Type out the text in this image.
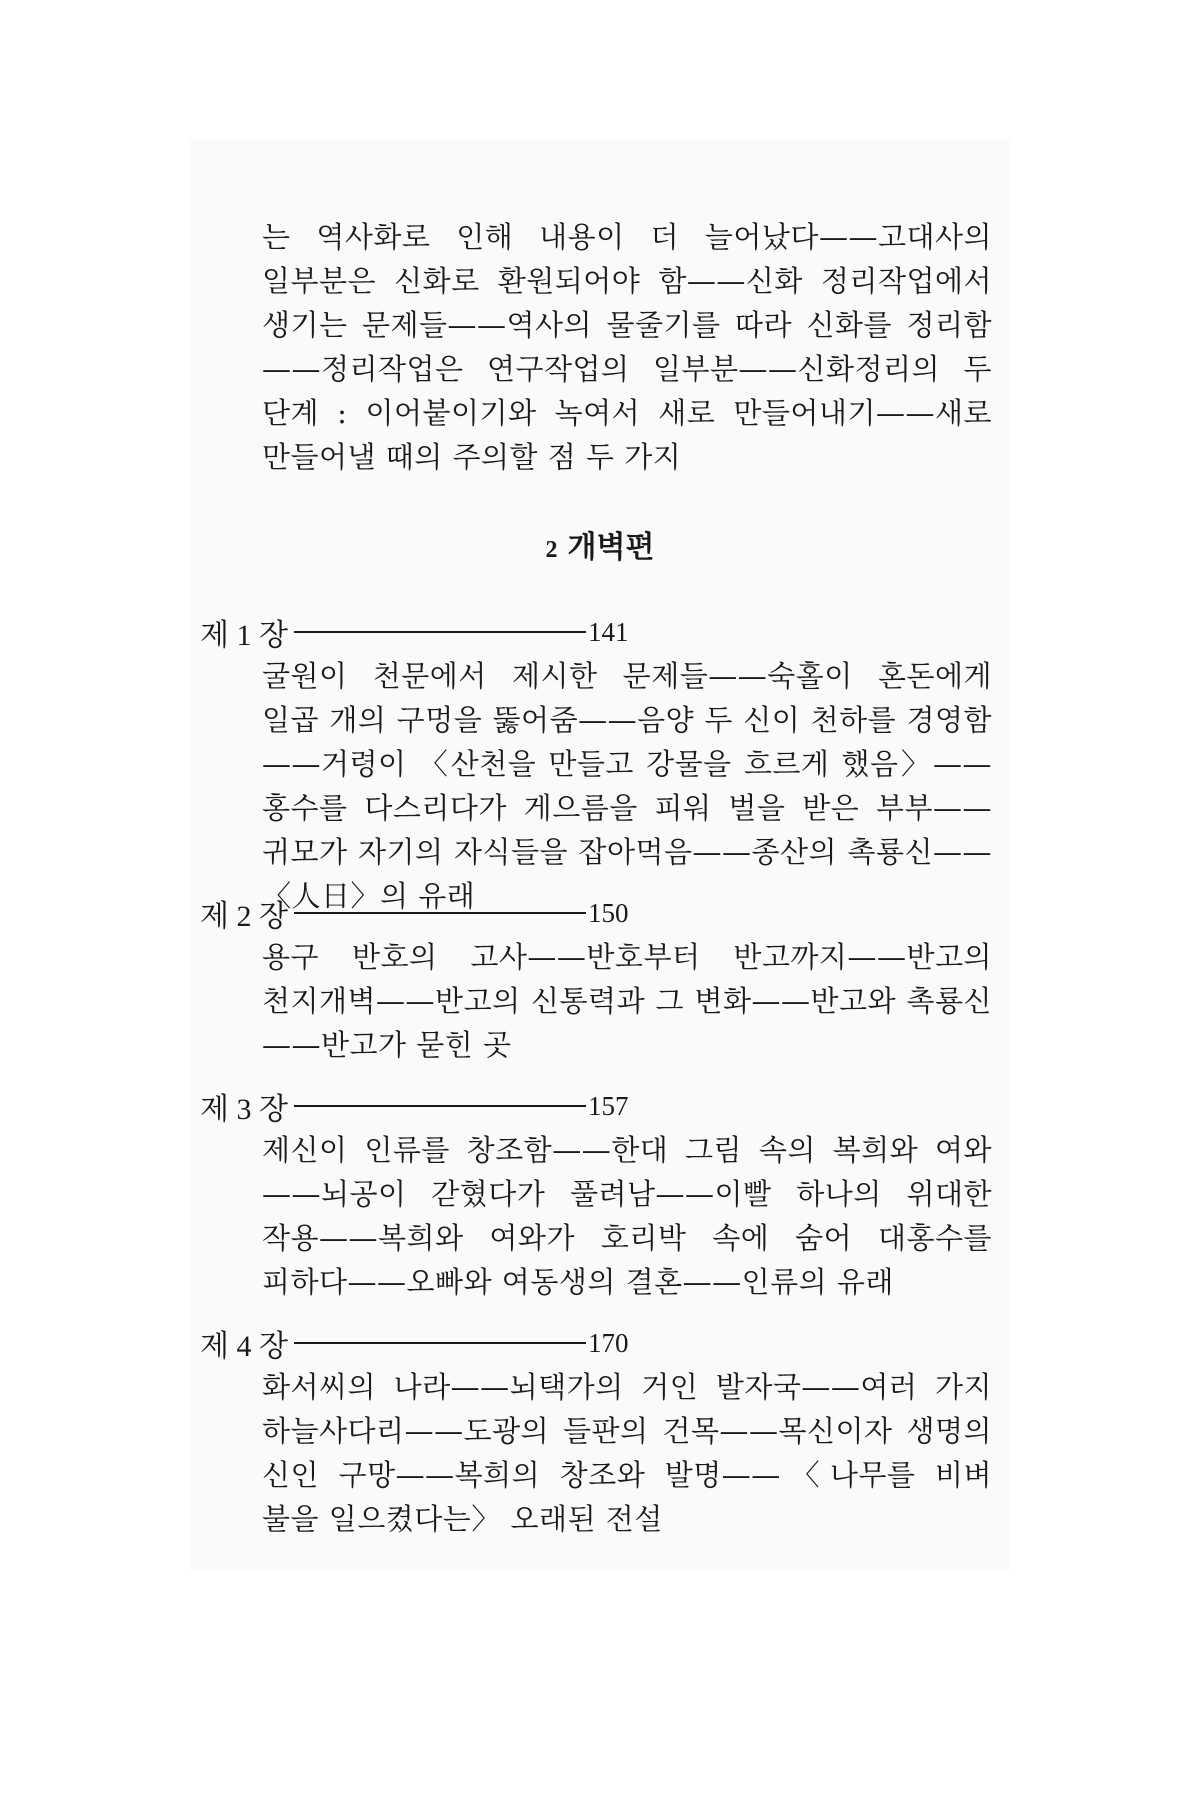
는 역사화로 인해 내용이 더 늘어났다——고대사의 일부분은 신화로 환원되어야 함——신화 정리작업에서 생기는 문제들——역사의 물줄기를 따라 신화를 정리함——정리작업은 연구작업의 일부분——신화정리의 두 단계 : 이어붙이기와 녹여서 새로 만들어내기——새로 만들어낼 때의 주의할 점 두 가지

2 개벽편
제 1 장	141

굴원이 천문에서 제시한 문제들——숙홀이 혼돈에게 일곱 개의 구멍을 뚫어줌——음양 두 신이 천하를 경영함——거령이 〈산천을 만들고 강물을 흐르게 했음〉——홍수를 다스리다가 게으름을 피워 벌을 받은 부부——귀모가 자기의 자식들을 잡아먹음——종산의 촉룡신——〈人日〉의 유래

제 2 장	150

용구 반호의 고사——반호부터 반고까지——반고의 천지개벽——반고의 신통력과 그 변화——반고와 촉룡신——반고가 묻힌 곳

제 3 장	157

제신이 인류를 창조함——한대 그림 속의 복희와 여와——뇌공이 갇혔다가 풀려남——이빨 하나의 위대한 작용——복희와 여와가 호리박 속에 숨어 대홍수를 피하다——오빠와 여동생의 결혼——인류의 유래

제 4 장	170

화서씨의 나라——뇌택가의 거인 발자국——여러 가지 하늘사다리——도광의 들판의 건목——목신이자 생명의 신인 구망——복희의 창조와 발명——〈나무를 비벼 불을 일으켰다는〉 오래된 전설
